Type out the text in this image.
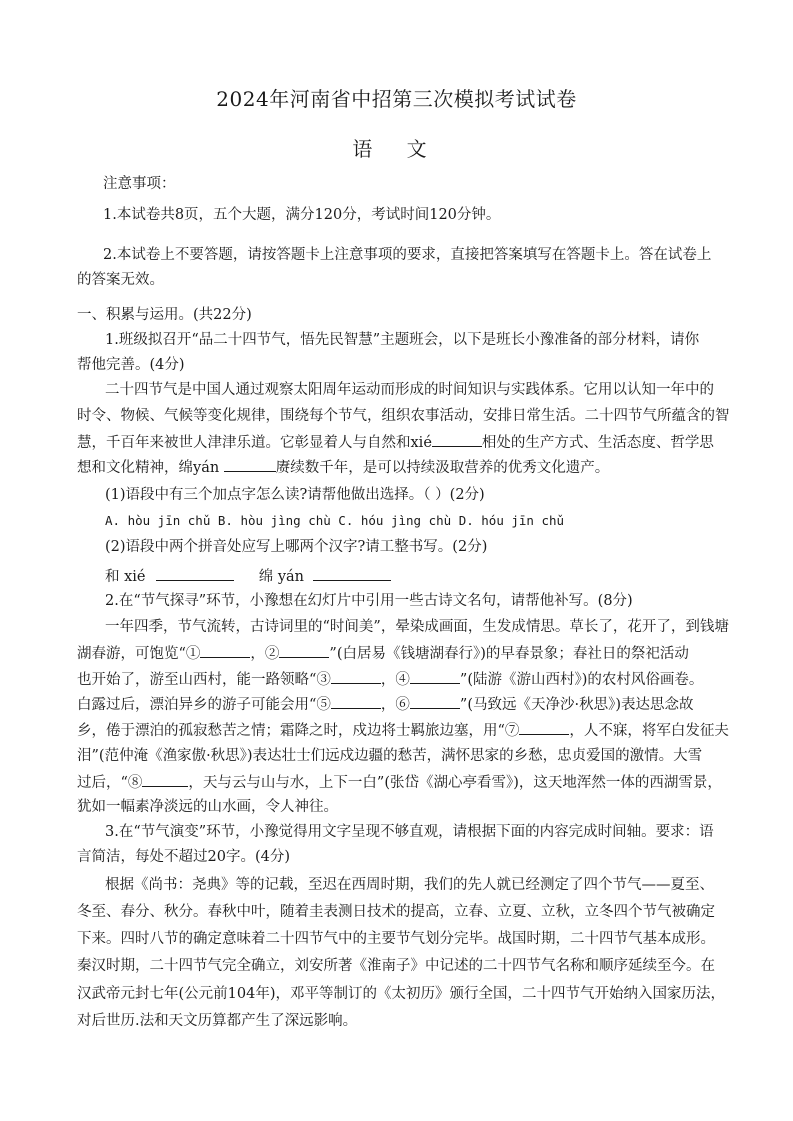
2024年河南省中招第三次模拟考试试卷
语 文
注意事项：
1.本试卷共8页，五个大题，满分120分，考试时间120分钟。
2.本试卷上不要答题，请按答题卡上注意事项的要求，直接把答案填写在答题卡上。答在试卷上
的答案无效。
一、积累与运用。(共22分)
1.班级拟召开“品二十四节气，悟先民智慧”主题班会，以下是班长小豫准备的部分材料，请你
帮他完善。(4分)
二十四节气是中国人通过观察太阳周年运动而形成的时间知识与实践体系。它用以认知一年中的
时令、物候、气候等变化规律，围绕每个节气，组织农事活动，安排日常生活。二十四节气所蕴含的智
慧，千百年来被世人津津乐道。它彰显着人与自然和xié	相处的生产方式、生活态度、哲学思
想和文化精神，绵yán	赓续数千年，是可以持续汲取营养的优秀文化遗产。
(1)语段中有三个加点字怎么读?请帮他做出选择。（ ）(2分)
A. hòu jīn chǔ B. hòu jìng chù C. hóu jìng chù D. hóu jīn chǔ
(2)语段中两个拼音处应写上哪两个汉字?请工整书写。(2分)
和 xié	绵 yán
2.在“节气探寻”环节，小豫想在幻灯片中引用一些古诗文名句，请帮他补写。(8分)
一年四季，节气流转，古诗词里的“时间美”，晕染成画面，生发成情思。草长了，花开了，到钱塘
湖春游，可饱览“①	，②	”(白居易《钱塘湖春行》)的早春景象；春社日的祭祀活动
也开始了，游至山西村，能一路领略“③	，④	”(陆游《游山西村》)的农村风俗画卷。
白露过后，漂泊异乡的游子可能会用“⑤	，⑥	”(马致远《天净沙·秋思》)表达思念故
乡，倦于漂泊的孤寂愁苦之情；霜降之时，戍边将士羁旅边塞，用“⑦	，人不寐，将军白发征夫
泪”(范仲淹《渔家傲·秋思》)表达壮士们远戍边疆的愁苦，满怀思家的乡愁，忠贞爱国的激情。大雪
过后，“⑧	，天与云与山与水，上下一白”(张岱《湖心亭看雪》)，这天地浑然一体的西湖雪景，
犹如一幅素净淡远的山水画，令人神往。
3.在“节气演变”环节，小豫觉得用文字呈现不够直观，请根据下面的内容完成时间轴。要求：语
言简洁，每处不超过20字。(4分)
根据《尚书：尧典》等的记载，至迟在西周时期，我们的先人就已经测定了四个节气——夏至、
冬至、春分、秋分。春秋中叶，随着圭表测日技术的提高，立春、立夏、立秋，立冬四个节气被确定
下来。四时八节的确定意味着二十四节气中的主要节气划分完毕。战国时期，二十四节气基本成形。
秦汉时期，二十四节气完全确立，刘安所著《淮南子》中记述的二十四节气名称和顺序延续至今。在
汉武帝元封七年(公元前104年)，邓平等制订的《太初历》颁行全国，二十四节气开始纳入国家历法，
对后世历.法和天文历算都产生了深远影响。
